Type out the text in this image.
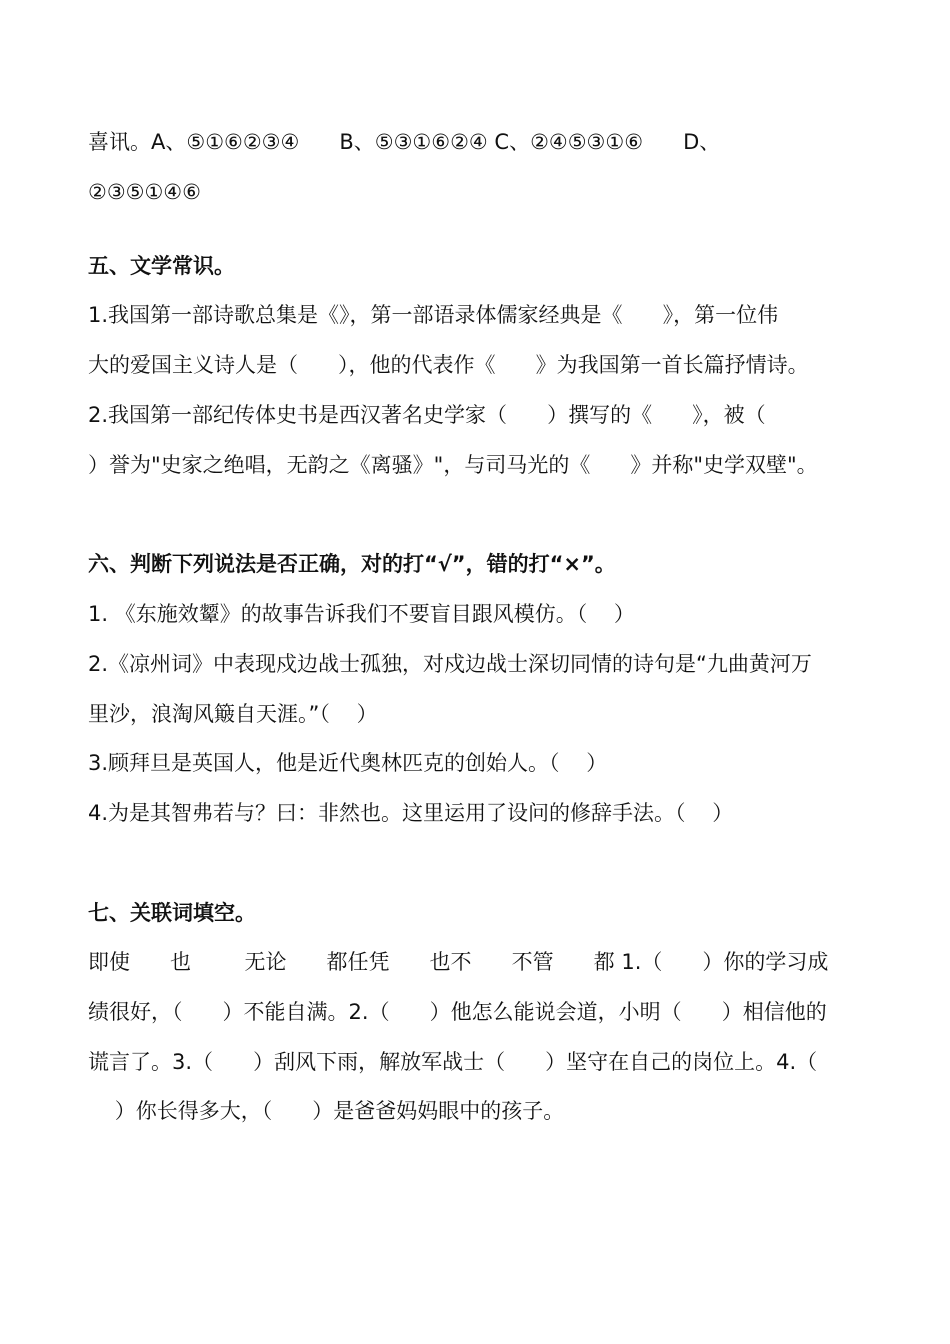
喜讯。A、⑤①⑥②③④      B、⑤③①⑥②④ C、②④⑤③①⑥      D、
②③⑤①④⑥
五、文学常识。
1.我国第一部诗歌总集是《》，第一部语录体儒家经典是《      》，第一位伟
大的爱国主义诗人是（      ），他的代表作《      》为我国第一首长篇抒情诗。
2.我国第一部纪传体史书是西汉著名史学家（      ）撰写的《      》，被（
）誉为"史家之绝唱，无韵之《离骚》"，与司马光的《      》并称"史学双壁"。
六、判断下列说法是否正确，对的打“√”，错的打“×”。
1. 《东施效颦》的故事告诉我们不要盲目跟风模仿。（    ）
2.《凉州词》中表现戍边战士孤独，对戍边战士深切同情的诗句是“九曲黄河万
里沙，浪淘风簸自天涯。”（    ）
3.顾拜旦是英国人，他是近代奥林匹克的创始人。（    ）
4.为是其智弗若与？曰：非然也。这里运用了设问的修辞手法。（    ）
七、关联词填空。
即使      也        无论      都任凭      也不      不管      都 1.（      ）你的学习成
绩很好，（      ）不能自满。2.（      ）他怎么能说会道，小明（      ）相信他的
谎言了。3.（      ）刮风下雨，解放军战士（      ）坚守在自己的岗位上。4.（
）你长得多大，（      ）是爸爸妈妈眼中的孩子。
